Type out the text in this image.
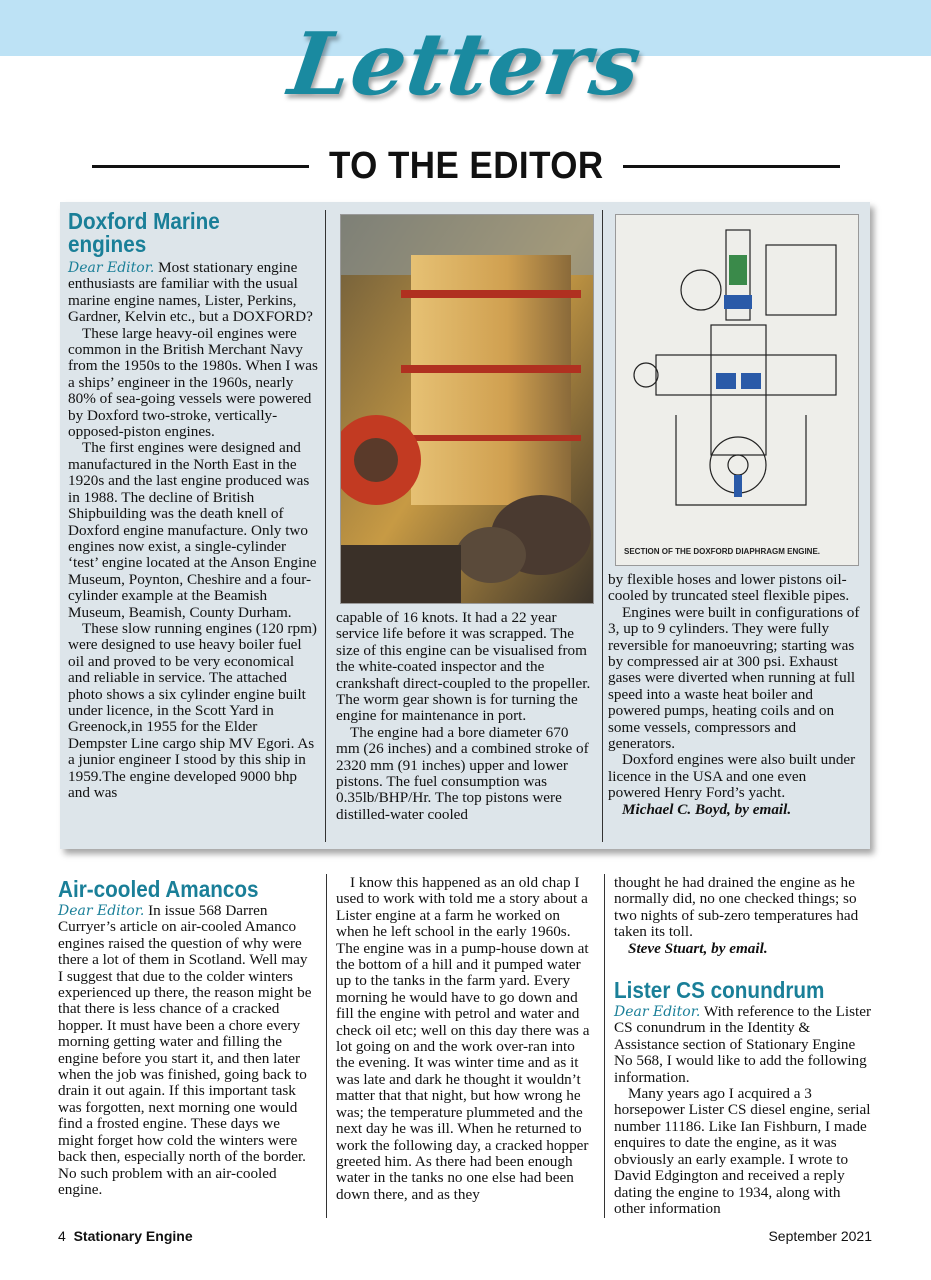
Letters
TO THE EDITOR
Doxford Marine engines

Dear Editor. Most stationary engine enthusiasts are familiar with the usual marine engine names, Lister, Perkins, Gardner, Kelvin etc., but a DOXFORD?

These large heavy-oil engines were common in the British Merchant Navy from the 1950s to the 1980s. When I was a ships’ engineer in the 1960s, nearly 80% of sea-going vessels were powered by Doxford two-stroke, vertically-opposed-piston engines.

The first engines were designed and manufactured in the North East in the 1920s and the last engine produced was in 1988. The decline of British Shipbuilding was the death knell of Doxford engine manufacture. Only two engines now exist, a single-cylinder ‘test’ engine located at the Anson Engine Museum, Poynton, Cheshire and a four-cylinder example at the Beamish Museum, Beamish, County Durham.

These slow running engines (120 rpm) were designed to use heavy boiler fuel oil and proved to be very economical and reliable in service. The attached photo shows a six cylinder engine built under licence, in the Scott Yard in Greenock,in 1955 for the Elder Dempster Line cargo ship MV Egori. As a junior engineer I stood by this ship in 1959.The engine developed 9000 bhp and was

SECTION OF THE DOXFORD DIAPHRAGM ENGINE.

capable of 16 knots. It had a 22 year service life before it was scrapped. The size of this engine can be visualised from the white-coated inspector and the crankshaft direct-coupled to the propeller. The worm gear shown is for turning the engine for maintenance in port.

The engine had a bore diameter 670 mm (26 inches) and a combined stroke of 2320 mm (91 inches) upper and lower pistons. The fuel consumption was 0.35lb/BHP/Hr. The top pistons were distilled-water cooled

by flexible hoses and lower pistons oil-cooled by truncated steel flexible pipes.

Engines were built in configurations of 3, up to 9 cylinders. They were fully reversible for manoeuvring; starting was by compressed air at 300 psi. Exhaust gases were diverted when running at full speed into a waste heat boiler and powered pumps, heating coils and on some vessels, compressors and generators.

Doxford engines were also built under licence in the USA and one even powered Henry Ford’s yacht.

Michael C. Boyd, by email.

Air-cooled Amancos

Dear Editor. In issue 568 Darren Curryer’s article on air-cooled Amanco engines raised the question of why were there a lot of them in Scotland. Well may I suggest that due to the colder winters experienced up there, the reason might be that there is less chance of a cracked hopper. It must have been a chore every morning getting water and filling the engine before you start it, and then later when the job was finished, going back to drain it out again. If this important task was forgotten, next morning one would find a frosted engine. These days we might forget how cold the winters were back then, especially north of the border. No such problem with an air-cooled engine.

I know this happened as an old chap I used to work with told me a story about a Lister engine at a farm he worked on when he left school in the early 1960s. The engine was in a pump-house down at the bottom of a hill and it pumped water up to the tanks in the farm yard. Every morning he would have to go down and fill the engine with petrol and water and check oil etc; well on this day there was a lot going on and the work over-ran into the evening. It was winter time and as it was late and dark he thought it wouldn’t matter that that night, but how wrong he was; the temperature plummeted and the next day he was ill. When he returned to work the following day, a cracked hopper greeted him. As there had been enough water in the tanks no one else had been down there, and as they

thought he had drained the engine as he normally did, no one checked things; so two nights of sub-zero temperatures had taken its toll.

Steve Stuart, by email.

Lister CS conundrum

Dear Editor. With reference to the Lister CS conundrum in the Identity & Assistance section of Stationary Engine No 568, I would like to add the following information.

Many years ago I acquired a 3 horsepower Lister CS diesel engine, serial number 11186. Like Ian Fishburn, I made enquires to date the engine, as it was obviously an early example. I wrote to David Edgington and received a reply dating the engine to 1934, along with other information

4 Stationary Engine	September 2021
